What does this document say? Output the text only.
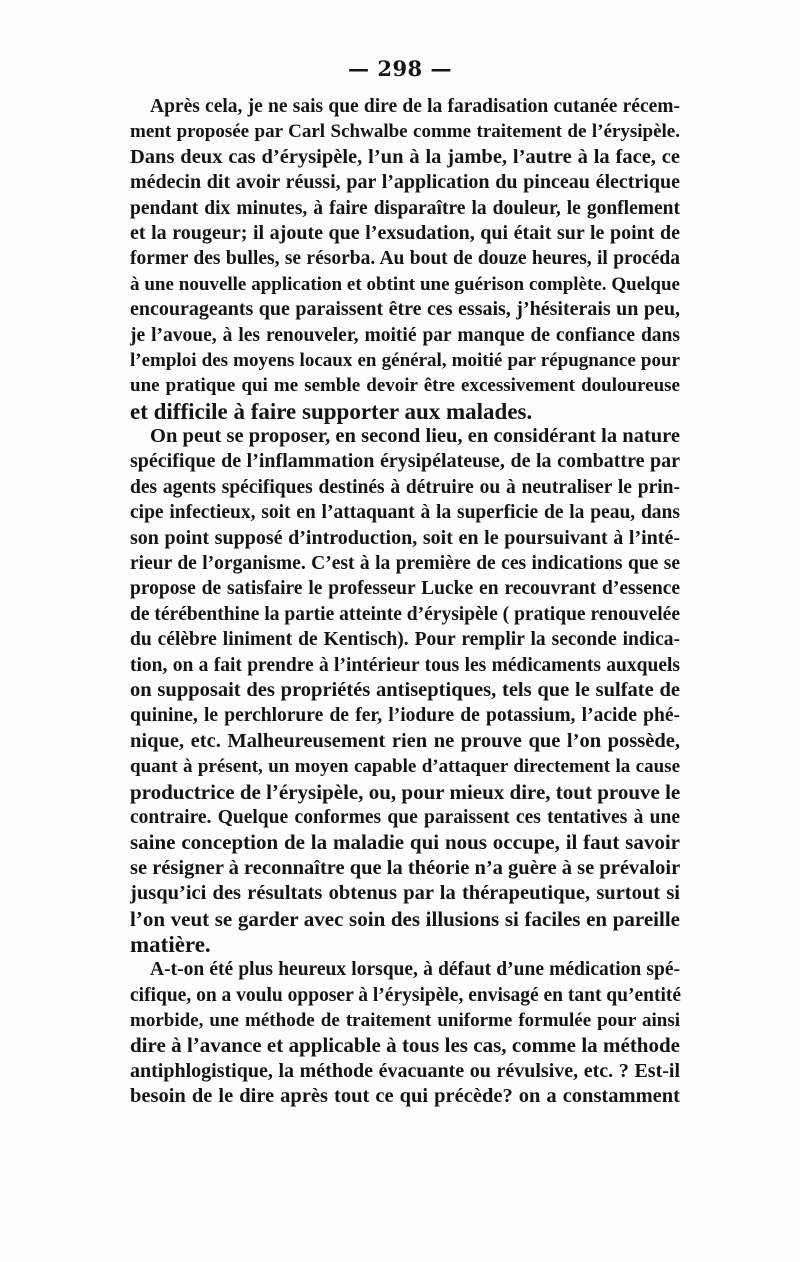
— 298 —
Après cela, je ne sais que dire de la faradisation cutanée récem-
ment proposée par Carl Schwalbe comme traitement de l’érysipèle.
Dans deux cas d’érysipèle, l’un à la jambe, l’autre à la face, ce
médecin dit avoir réussi, par l’application du pinceau électrique
pendant dix minutes, à faire disparaître la douleur, le gonflement
et la rougeur; il ajoute que l’exsudation, qui était sur le point de
former des bulles, se résorba. Au bout de douze heures, il procéda
à une nouvelle application et obtint une guérison complète. Quelque
encourageants que paraissent être ces essais, j’hésiterais un peu,
je l’avoue, à les renouveler, moitié par manque de confiance dans
l’emploi des moyens locaux en général, moitié par répugnance pour
une pratique qui me semble devoir être excessivement douloureuse
et difficile à faire supporter aux malades.
On peut se proposer, en second lieu, en considérant la nature
spécifique de l’inflammation érysipélateuse, de la combattre par
des agents spécifiques destinés à détruire ou à neutraliser le prin-
cipe infectieux, soit en l’attaquant à la superficie de la peau, dans
son point supposé d’introduction, soit en le poursuivant à l’inté-
rieur de l’organisme. C’est à la première de ces indications que se
propose de satisfaire le professeur Lucke en recouvrant d’essence
de térébenthine la partie atteinte d’érysipèle ( pratique renouvelée
du célèbre liniment de Kentisch). Pour remplir la seconde indica-
tion, on a fait prendre à l’intérieur tous les médicaments auxquels
on supposait des propriétés antiseptiques, tels que le sulfate de
quinine, le perchlorure de fer, l’iodure de potassium, l’acide phé-
nique, etc. Malheureusement rien ne prouve que l’on possède,
quant à présent, un moyen capable d’attaquer directement la cause
productrice de l’érysipèle, ou, pour mieux dire, tout prouve le
contraire. Quelque conformes que paraissent ces tentatives à une
saine conception de la maladie qui nous occupe, il faut savoir
se résigner à reconnaître que la théorie n’a guère à se prévaloir
jusqu’ici des résultats obtenus par la thérapeutique, surtout si
l’on veut se garder avec soin des illusions si faciles en pareille
matière.
A-t-on été plus heureux lorsque, à défaut d’une médication spé-
cifique, on a voulu opposer à l’érysipèle, envisagé en tant qu’entité
morbide, une méthode de traitement uniforme formulée pour ainsi
dire à l’avance et applicable à tous les cas, comme la méthode
antiphlogistique, la méthode évacuante ou révulsive, etc. ? Est-il
besoin de le dire après tout ce qui précède? on a constamment
